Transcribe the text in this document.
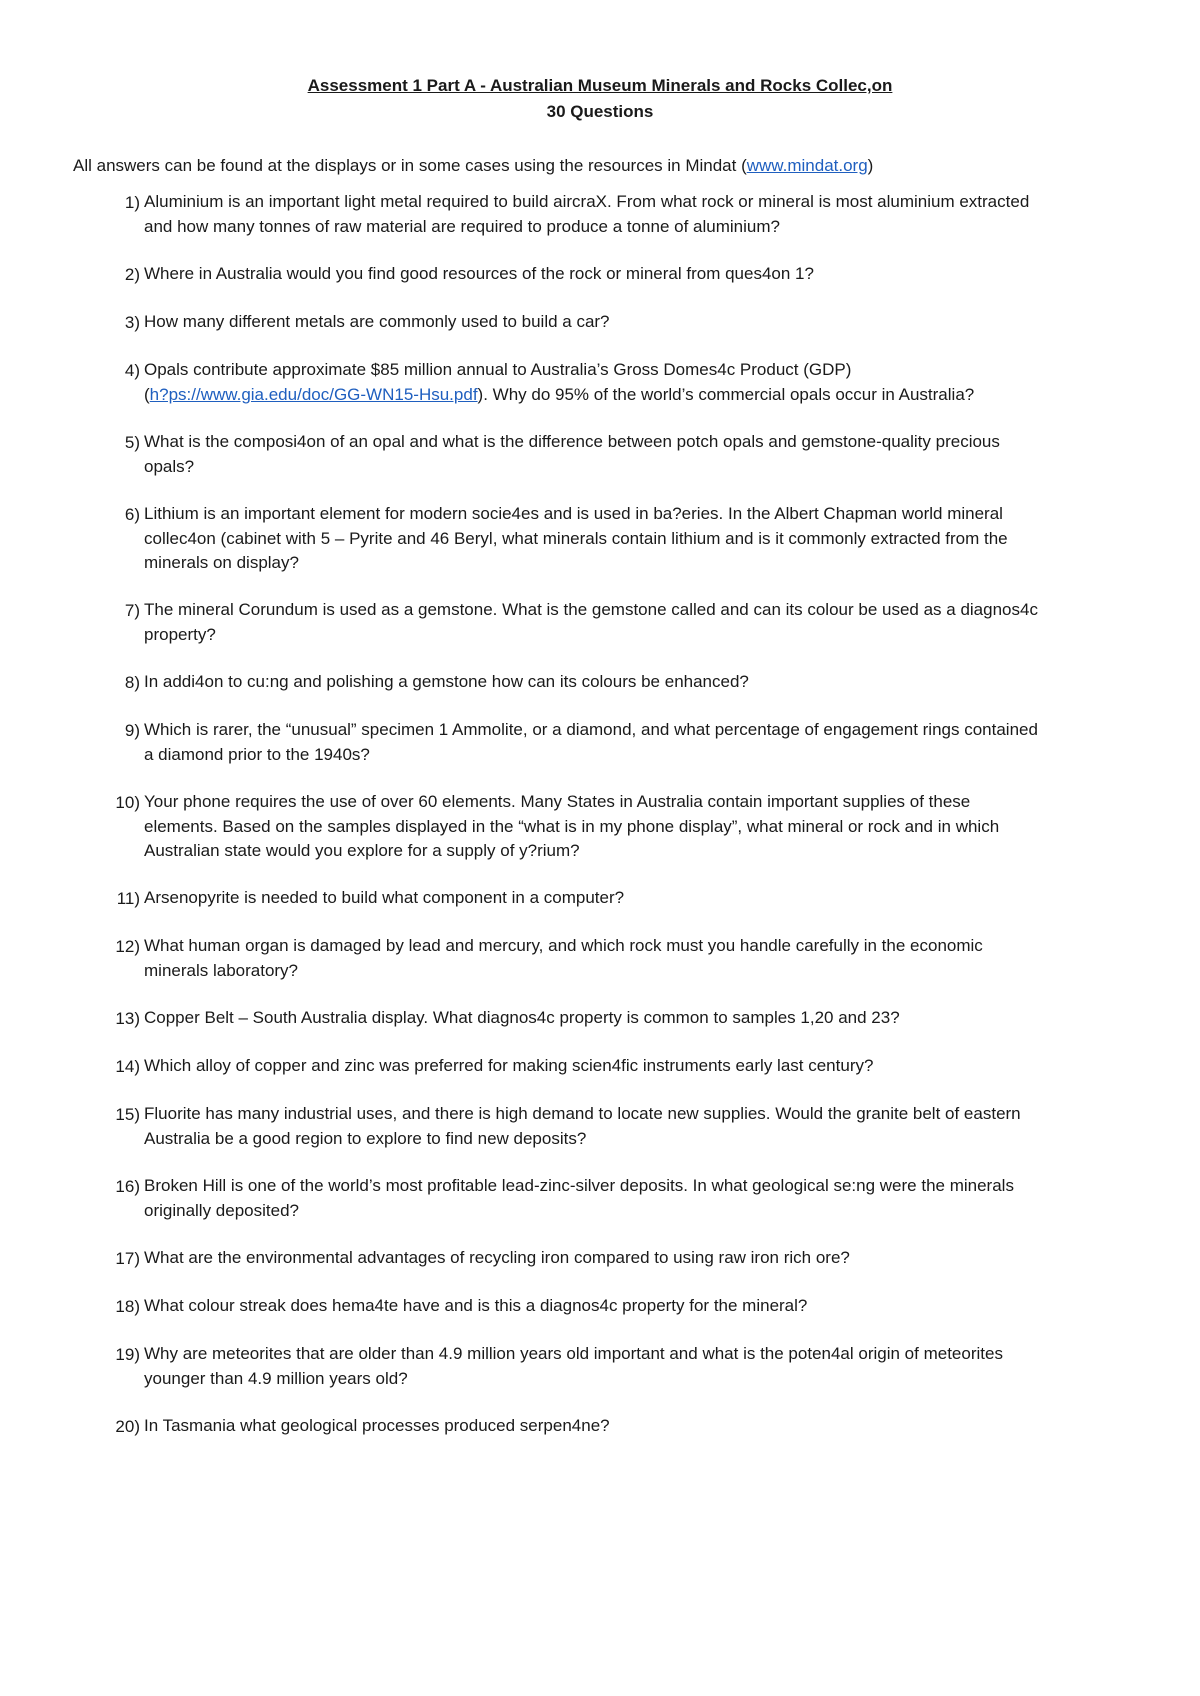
Assessment 1 Part A - Australian Museum Minerals and Rocks Collec,on
30 Questions
All answers can be found at the displays or in some cases using the resources in Mindat (www.mindat.org)
1) Aluminium is an important light metal required to build aircraX. From what rock or mineral is most aluminium extracted
and how many tonnes of raw material are required to produce a tonne of aluminium?
2) Where in Australia would you find good resources of the rock or mineral from ques4on 1?
3) How many different metals are commonly used to build a car?
4) Opals contribute approximate $85 million annual to Australia’s Gross Domes4c Product (GDP)
(h?ps://www.gia.edu/doc/GG-WN15-Hsu.pdf). Why do 95% of the world’s commercial opals occur in Australia?
5) What is the composi4on of an opal and what is the difference between potch opals and gemstone-quality precious
opals?
6) Lithium is an important element for modern socie4es and is used in ba?eries. In the Albert Chapman world mineral
collec4on (cabinet with 5 – Pyrite and 46 Beryl, what minerals contain lithium and is it commonly extracted from the
minerals on display?
7) The mineral Corundum is used as a gemstone. What is the gemstone called and can its colour be used as a diagnos4c
property?
8) In addi4on to cu:ng and polishing a gemstone how can its colours be enhanced?
9) Which is rarer, the “unusual” specimen 1 Ammolite, or a diamond, and what percentage of engagement rings contained
a diamond prior to the 1940s?
10) Your phone requires the use of over 60 elements. Many States in Australia contain important supplies of these
elements. Based on the samples displayed in the “what is in my phone display”, what mineral or rock and in which
Australian state would you explore for a supply of y?rium?
11) Arsenopyrite is needed to build what component in a computer?
12) What human organ is damaged by lead and mercury, and which rock must you handle carefully in the economic
minerals laboratory?
13) Copper Belt – South Australia display. What diagnos4c property is common to samples 1,20 and 23?
14) Which alloy of copper and zinc was preferred for making scien4fic instruments early last century?
15) Fluorite has many industrial uses, and there is high demand to locate new supplies. Would the granite belt of eastern
Australia be a good region to explore to find new deposits?
16) Broken Hill is one of the world’s most profitable lead-zinc-silver deposits. In what geological se:ng were the minerals
originally deposited?
17) What are the environmental advantages of recycling iron compared to using raw iron rich ore?
18) What colour streak does hema4te have and is this a diagnos4c property for the mineral?
19) Why are meteorites that are older than 4.9 million years old important and what is the poten4al origin of meteorites
younger than 4.9 million years old?
20) In Tasmania what geological processes produced serpen4ne?
